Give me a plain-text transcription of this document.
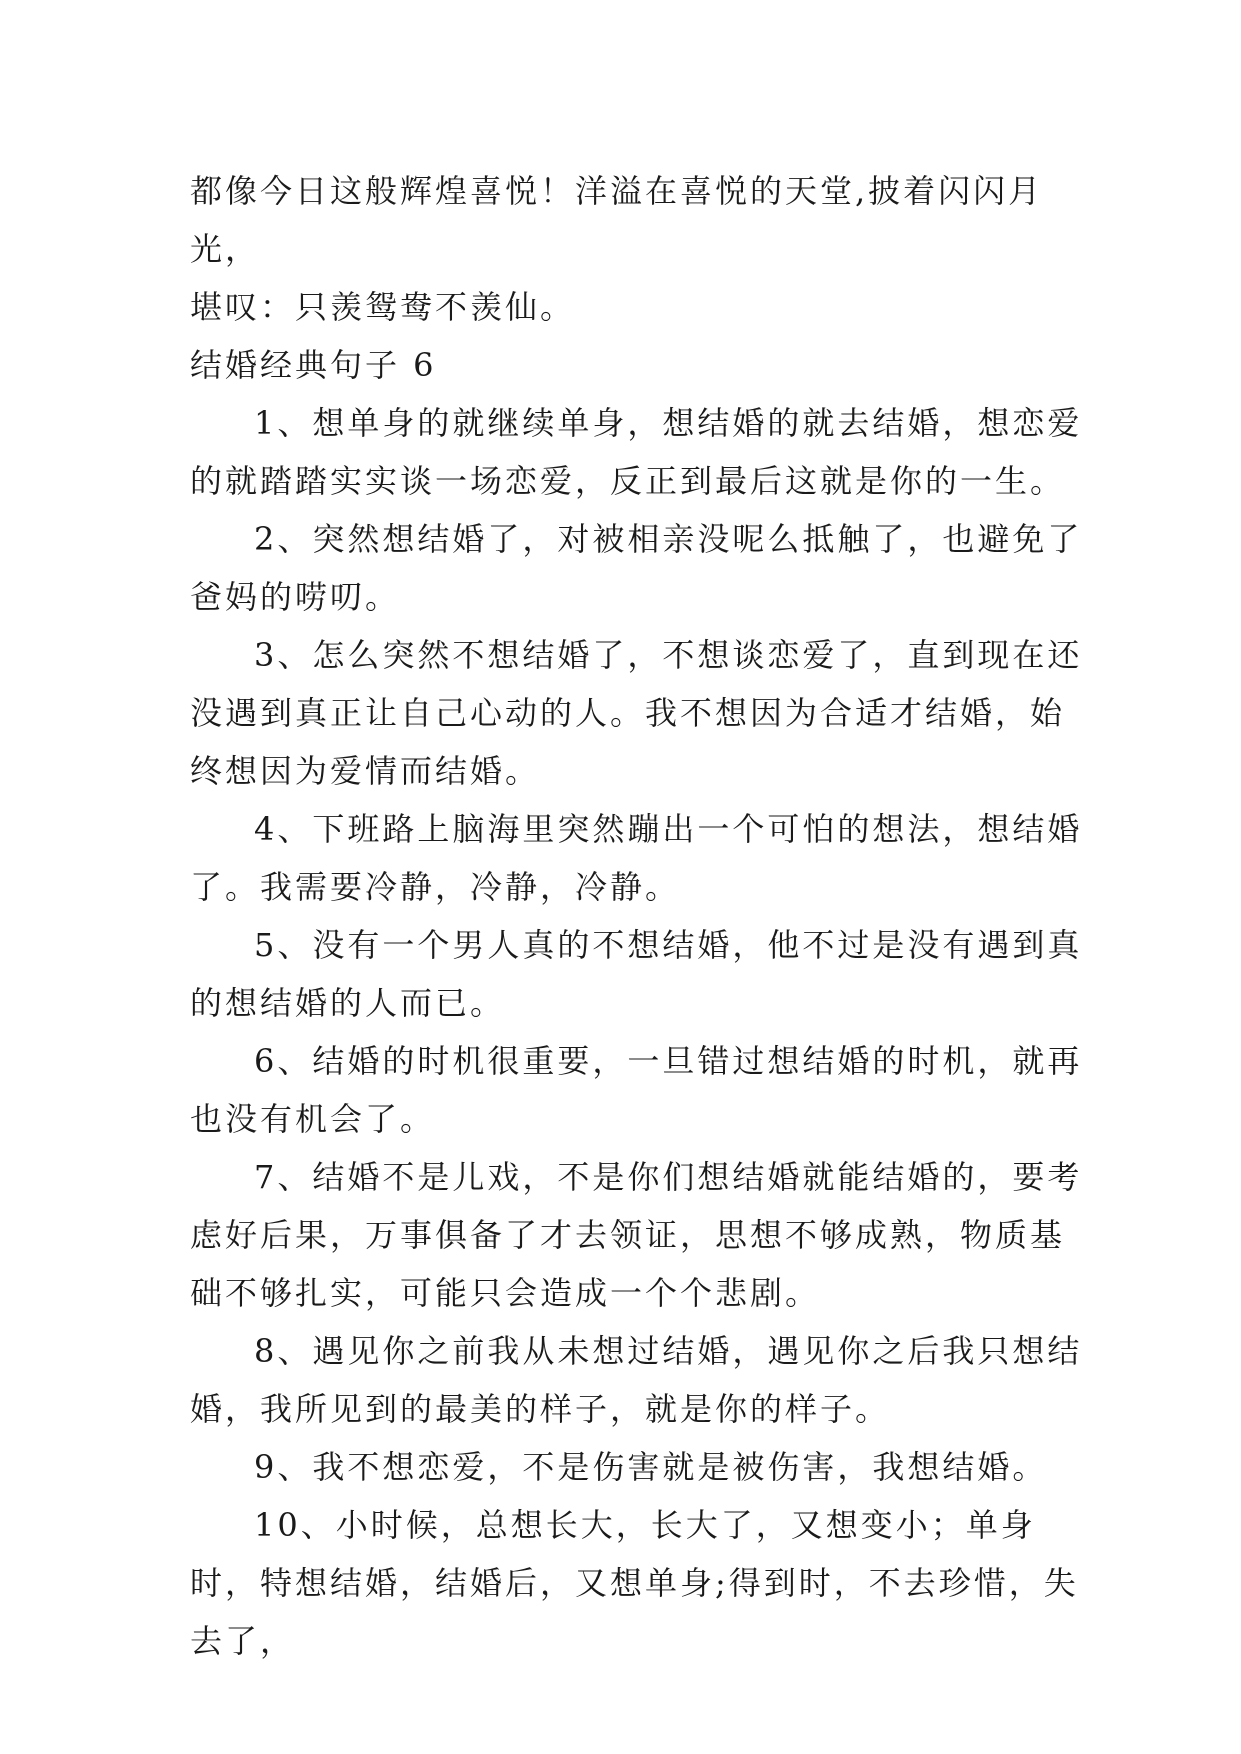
都像今日这般辉煌喜悦！洋溢在喜悦的天堂,披着闪闪月光，

堪叹：只羡鸳鸯不羡仙。

结婚经典句子 6

1、想单身的就继续单身，想结婚的就去结婚，想恋爱的就踏踏实实谈一场恋爱，反正到最后这就是你的一生。

2、突然想结婚了，对被相亲没呢么抵触了，也避免了爸妈的唠叨。

3、怎么突然不想结婚了，不想谈恋爱了，直到现在还没遇到真正让自己心动的人。我不想因为合适才结婚，始终想因为爱情而结婚。

4、下班路上脑海里突然蹦出一个可怕的想法，想结婚了。我需要冷静，冷静，冷静。

5、没有一个男人真的不想结婚，他不过是没有遇到真的想结婚的人而已。

6、结婚的时机很重要，一旦错过想结婚的时机，就再也没有机会了。

7、结婚不是儿戏，不是你们想结婚就能结婚的，要考虑好后果，万事俱备了才去领证，思想不够成熟，物质基础不够扎实，可能只会造成一个个悲剧。

8、遇见你之前我从未想过结婚，遇见你之后我只想结婚，我所见到的最美的样子，就是你的样子。

9、我不想恋爱，不是伤害就是被伤害，我想结婚。

10、小时候，总想长大，长大了，又想变小；单身时，特想结婚，结婚后，又想单身;得到时，不去珍惜，失去了，
